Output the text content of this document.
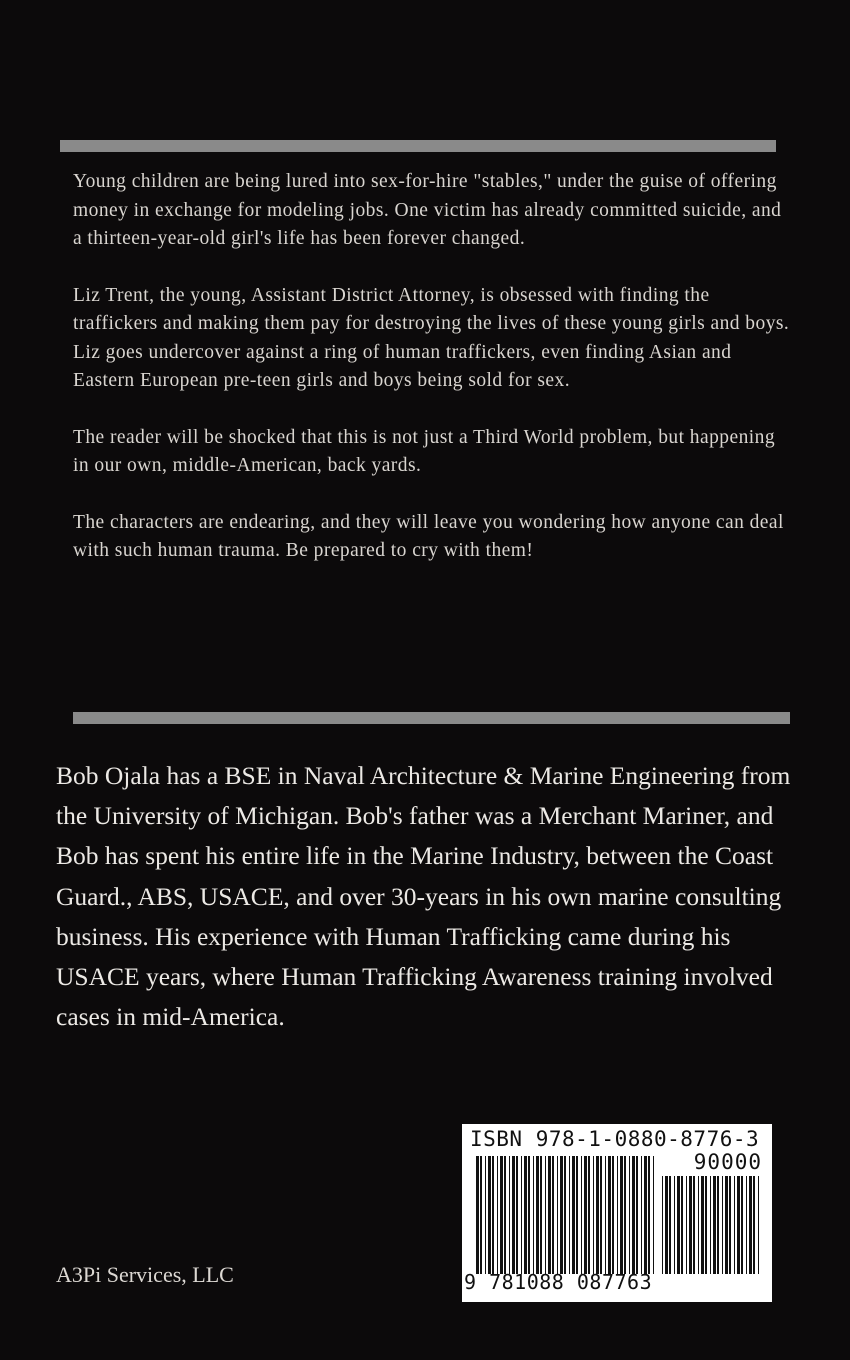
Young children are being lured into sex-for-hire "stables," under the guise of offering money in exchange for modeling jobs. One victim has already committed suicide, and a thirteen-year-old girl's life has been forever changed.

Liz Trent, the young, Assistant District Attorney, is obsessed with finding the traffickers and making them pay for destroying the lives of these young girls and boys. Liz goes undercover against a ring of human traffickers, even finding Asian and Eastern European pre-teen girls and boys being sold for sex.

The reader will be shocked that this is not just a Third World problem, but happening in our own, middle-American, back yards.

The characters are endearing, and they will leave you wondering how anyone can deal with such human trauma. Be prepared to cry with them!

Bob Ojala has a BSE in Naval Architecture & Marine Engineering from the University of Michigan. Bob's father was a Merchant Mariner, and Bob has spent his entire life in the Marine Industry, between the Coast Guard., ABS, USACE, and over 30-years in his own marine consulting business. His experience with Human Trafficking came during his USACE years, where Human Trafficking Awareness training involved cases in mid-America.
A3Pi Services, LLC
ISBN 978-1-0880-8776-3
90000
9 781088 087763
